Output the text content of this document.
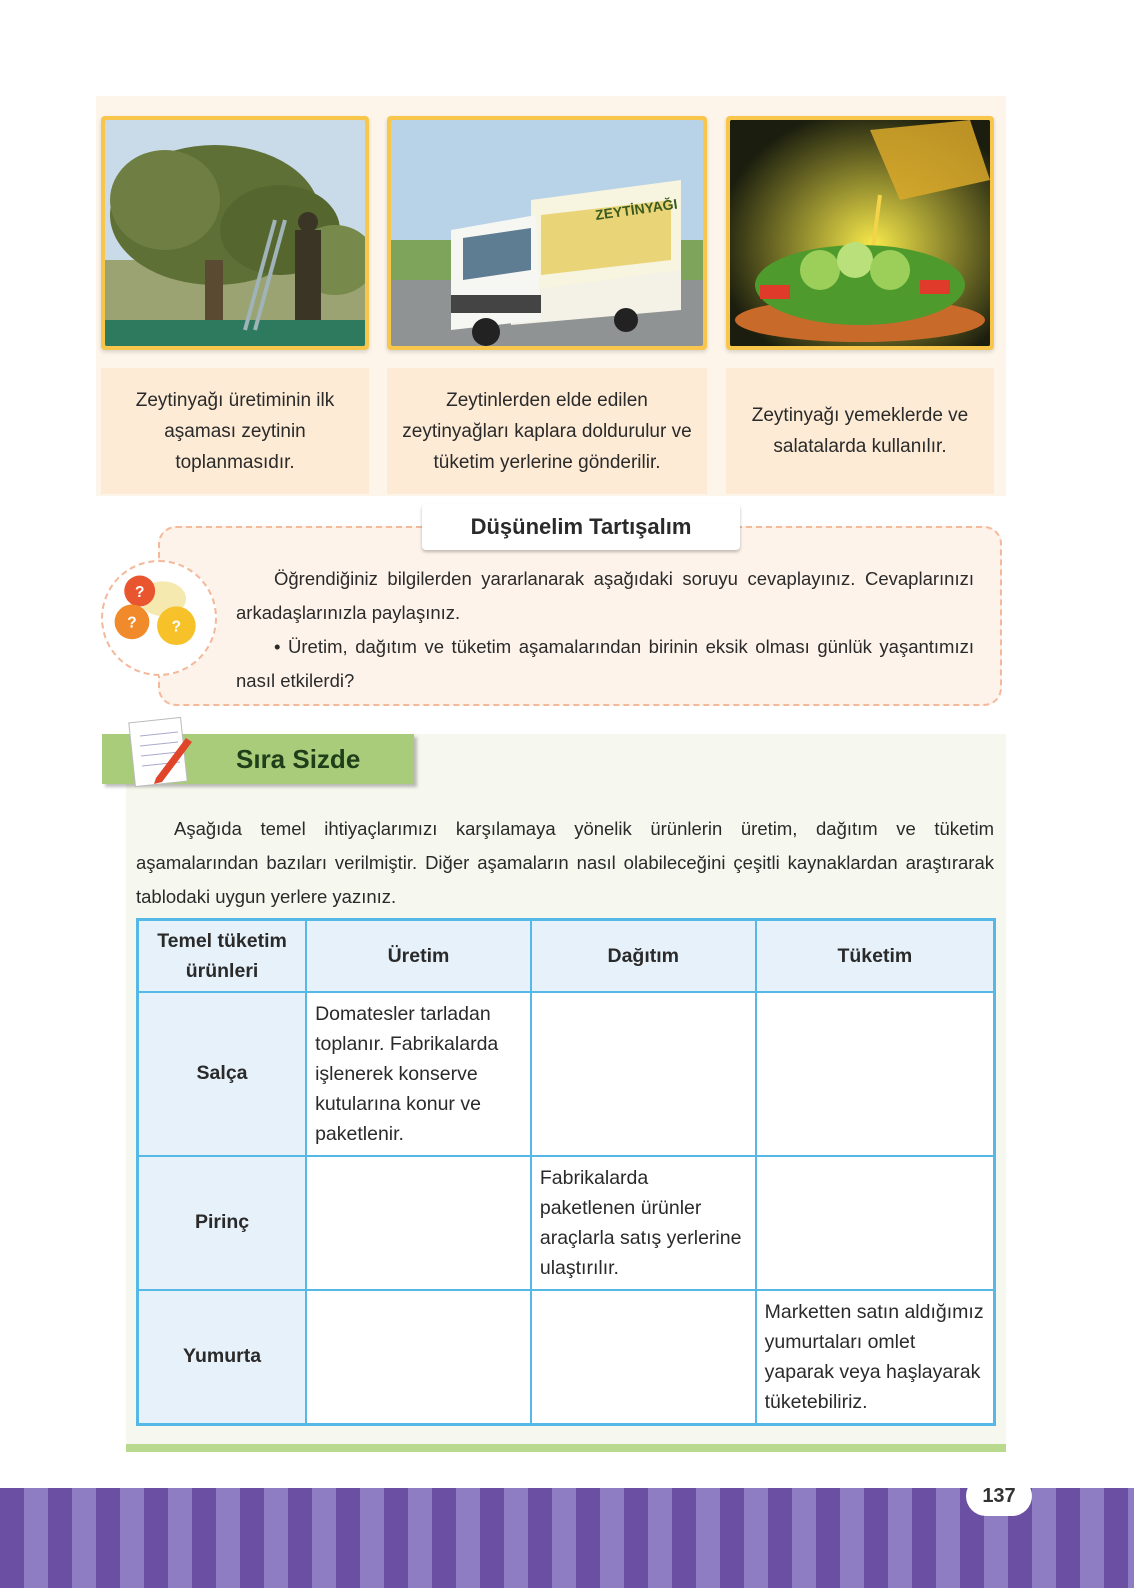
ZEYTİNYAĞI
Zeytinyağı üretiminin ilk aşaması zeytinin toplanmasıdır.
Zeytinlerden elde edilen zeytinyağları kaplara doldurulur ve tüketim yerlerine gönderilir.
Zeytinyağı yemeklerde ve salatalarda kullanılır.
?
? ?
Düşünelim Tartışalım

Öğrendiğiniz bilgilerden yararlanarak aşağıdaki soruyu cevaplayınız. Cevaplarınızı arkadaşlarınızla paylaşınız.

• Üretim, dağıtım ve tüketim aşamalarından birinin eksik olması günlük yaşantımızı nasıl etkilerdi?

Sıra Sizde

Aşağıda temel ihtiyaçlarımızı karşılamaya yönelik ürünlerin üretim, dağıtım ve tüketim aşamalarından bazıları verilmiştir. Diğer aşamaların nasıl olabileceğini çeşitli kaynaklardan araştırarak tablodaki uygun yerlere yazınız.

Temel tüketim ürünleri	Üretim	Dağıtım	Tüketim
Salça	Domatesler tarladan toplanır. Fabrikalarda işlenerek konserve kutularına konur ve paketlenir.		
Pirinç		Fabrikalarda paketlenen ürünler araçlarla satış yerlerine ulaştırılır.	
Yumurta			Marketten satın aldığımız yumurtaları omlet yaparak veya haşlayarak tüketebiliriz.
137
